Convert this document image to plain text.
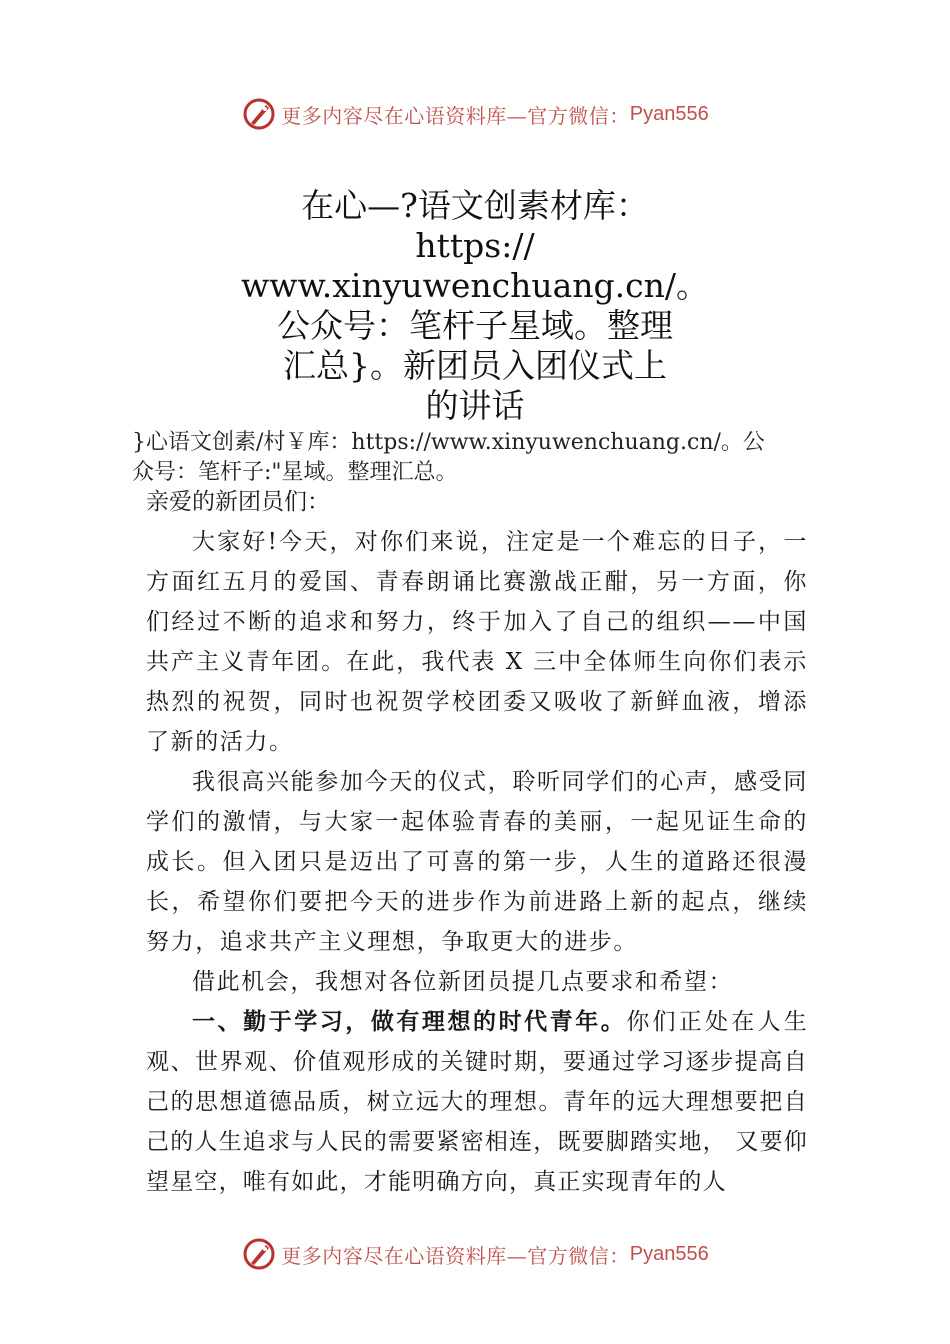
更多内容尽在心语资料库—官方微信： Pyan556
在心—?语文创素材库：
https://
www.xinyuwenchuang.cn/。
公众号：笔杆子星域。整理
汇总}。新团员入团仪式上
的讲话
}心语文创素/村￥库：https://www.xinyuwenchuang.cn/。公
众号：笔杆子:"星域。整理汇总。

亲爱的新团员们：

大家好!今天，对你们来说，注定是一个难忘的日子，一方面红五月的爱国、青春朗诵比赛激战正酣，另一方面，你们经过不断的追求和努力，终于加入了自己的组织——中国共产主义青年团。在此，我代表 X 三中全体师生向你们表示热烈的祝贺，同时也祝贺学校团委又吸收了新鲜血液，增添了新的活力。

我很高兴能参加今天的仪式，聆听同学们的心声，感受同学们的激情，与大家一起体验青春的美丽，一起见证生命的成长。但入团只是迈出了可喜的第一步，人生的道路还很漫长，希望你们要把今天的进步作为前进路上新的起点，继续努力，追求共产主义理想，争取更大的进步。

借此机会，我想对各位新团员提几点要求和希望：

一、勤于学习，做有理想的时代青年。你们正处在人生观、世界观、价值观形成的关键时期，要通过学习逐步提高自己的思想道德品质，树立远大的理想。青年的远大理想要把自己的人生追求与人民的需要紧密相连，既要脚踏实地， 又要仰望星空，唯有如此，才能明确方向，真正实现青年的人

更多内容尽在心语资料库—官方微信： Pyan556
